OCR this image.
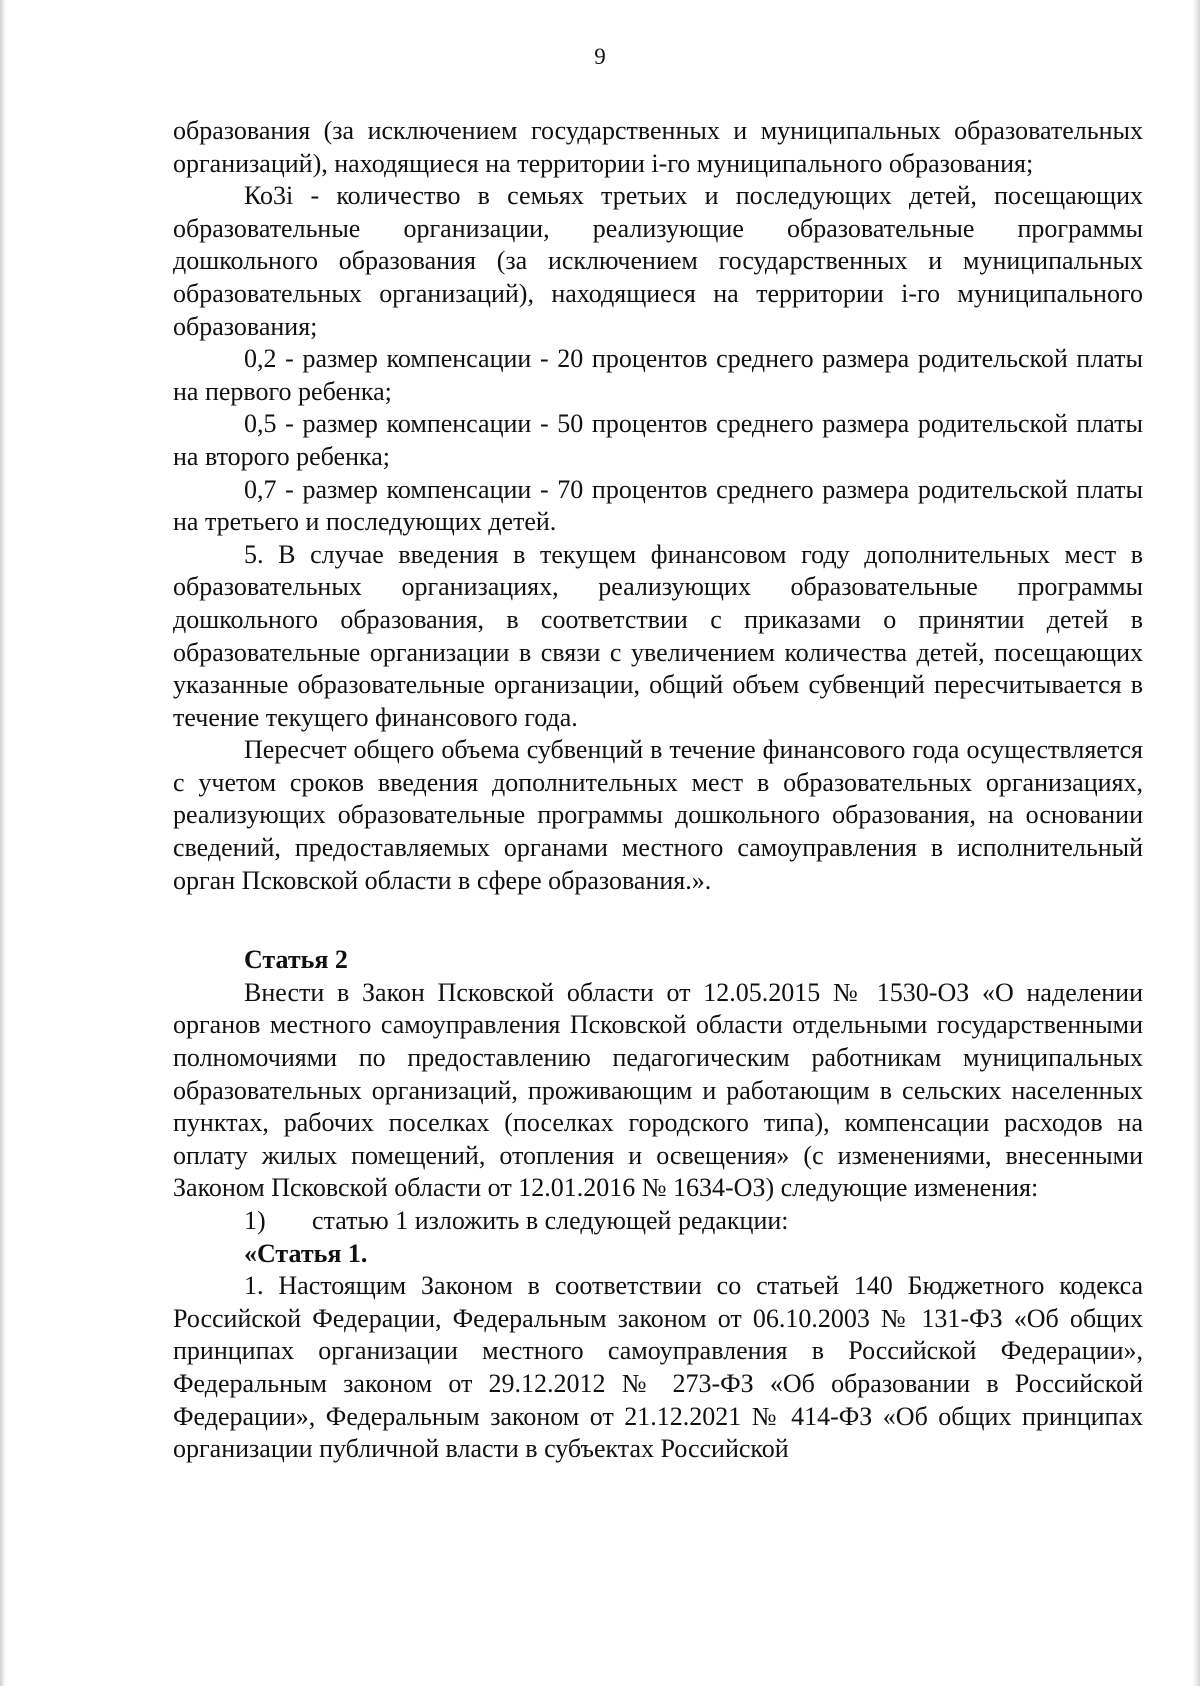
9

образования (за исключением государственных и муниципальных образовательных организаций), находящиеся на территории i-го муниципального образования;

Ко3i - количество в семьях третьих и последующих детей, посещающих образовательные организации, реализующие образовательные программы дошкольного образования (за исключением государственных и муниципальных образовательных организаций), находящиеся на территории i-го муниципального образования;

0,2 - размер компенсации - 20 процентов среднего размера родительской платы на первого ребенка;

0,5 - размер компенсации - 50 процентов среднего размера родительской платы на второго ребенка;

0,7 - размер компенсации - 70 процентов среднего размера родительской платы на третьего и последующих детей.

5. В случае введения в текущем финансовом году дополнительных мест в образовательных организациях, реализующих образовательные программы дошкольного образования, в соответствии с приказами о принятии детей в образовательные организации в связи с увеличением количества детей, посещающих указанные образовательные организации, общий объем субвенций пересчитывается в течение текущего финансового года.

Пересчет общего объема субвенций в течение финансового года осуществляется с учетом сроков введения дополнительных мест в образовательных организациях, реализующих образовательные программы дошкольного образования, на основании сведений, предоставляемых органами местного самоуправления в исполнительный орган Псковской области в сфере образования.».

Статья 2

Внести в Закон Псковской области от 12.05.2015 № 1530-ОЗ «О наделении органов местного самоуправления Псковской области отдельными государственными полномочиями по предоставлению педагогическим работникам муниципальных образовательных организаций, проживающим и работающим в сельских населенных пунктах, рабочих поселках (поселках городского типа), компенсации расходов на оплату жилых помещений, отопления и освещения» (с изменениями, внесенными Законом Псковской области от 12.01.2016 № 1634-ОЗ) следующие изменения:

1)	статью 1 изложить в следующей редакции:

«Статья 1.

1. Настоящим Законом в соответствии со статьей 140 Бюджетного кодекса Российской Федерации, Федеральным законом от 06.10.2003 № 131-ФЗ «Об общих принципах организации местного самоуправления в Российской Федерации», Федеральным законом от 29.12.2012 № 273-ФЗ «Об образовании в Российской Федерации», Федеральным законом от 21.12.2021 № 414-ФЗ «Об общих принципах организации публичной власти в субъектах Российской
